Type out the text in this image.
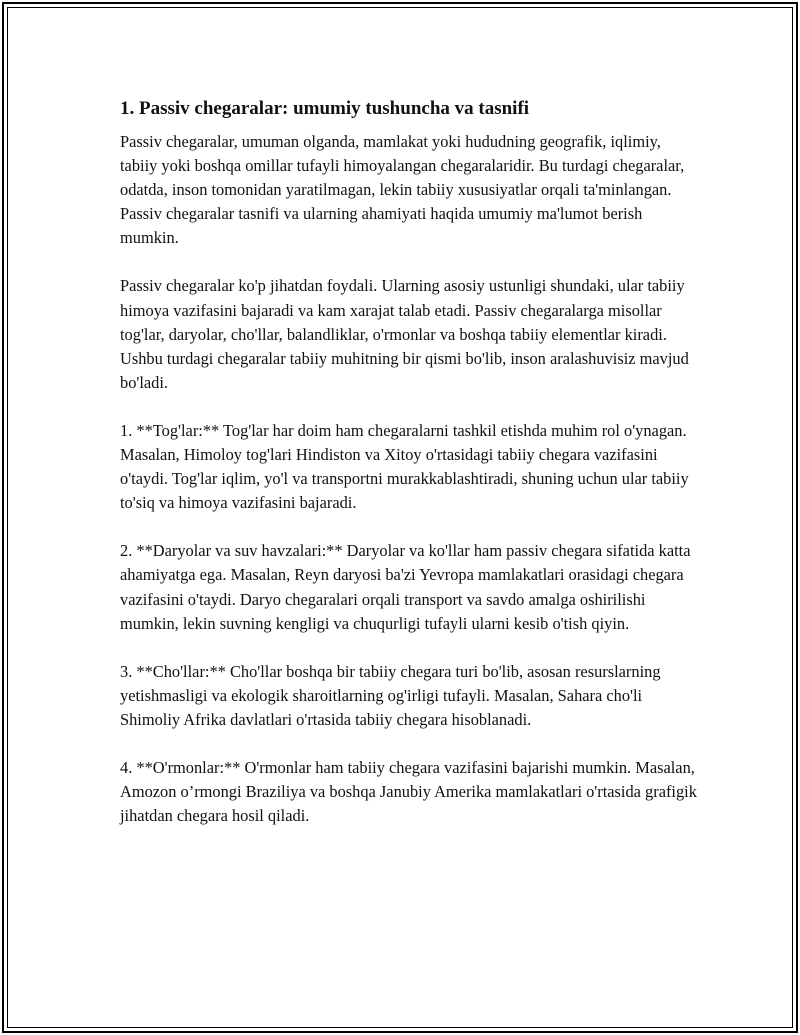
1. Passiv chegaralar: umumiy tushuncha va tasnifi

Passiv chegaralar, umuman olganda, mamlakat yoki hududning geografik, iqlimiy, tabiiy yoki boshqa omillar tufayli himoyalangan chegaralaridir. Bu turdagi chegaralar, odatda, inson tomonidan yaratilmagan, lekin tabiiy xususiyatlar orqali ta'minlangan. Passiv chegaralar tasnifi va ularning ahamiyati haqida umumiy ma'lumot berish mumkin.

Passiv chegaralar ko'p jihatdan foydali. Ularning asosiy ustunligi shundaki, ular tabiiy himoya vazifasini bajaradi va kam xarajat talab etadi. Passiv chegaralarga misollar tog'lar, daryolar, cho'llar, balandliklar, o'rmonlar va boshqa tabiiy elementlar kiradi. Ushbu turdagi chegaralar tabiiy muhitning bir qismi bo'lib, inson aralashuvisiz mavjud bo'ladi.

1. **Tog'lar:** Tog'lar har doim ham chegaralarni tashkil etishda muhim rol o'ynagan. Masalan, Himoloy tog'lari Hindiston va Xitoy o'rtasidagi tabiiy chegara vazifasini o'taydi. Tog'lar iqlim, yo'l va transportni murakkablashtiradi, shuning uchun ular tabiiy to'siq va himoya vazifasini bajaradi.

2. **Daryolar va suv havzalari:** Daryolar va ko'llar ham passiv chegara sifatida katta ahamiyatga ega. Masalan, Reyn daryosi ba'zi Yevropa mamlakatlari orasidagi chegara vazifasini o'taydi. Daryo chegaralari orqali transport va savdo amalga oshirilishi mumkin, lekin suvning kengligi va chuqurligi tufayli ularni kesib o'tish qiyin.

3. **Cho'llar:** Cho'llar boshqa bir tabiiy chegara turi bo'lib, asosan resurslarning yetishmasligi va ekologik sharoitlarning og'irligi tufayli. Masalan, Sahara cho'li Shimoliy Afrika davlatlari o'rtasida tabiiy chegara hisoblanadi.

4. **O'rmonlar:** O'rmonlar ham tabiiy chegara vazifasini bajarishi mumkin. Masalan, Amozon o’rmongi Braziliya va boshqa Janubiy Amerika mamlakatlari o'rtasida grafigik jihatdan chegara hosil qiladi.
